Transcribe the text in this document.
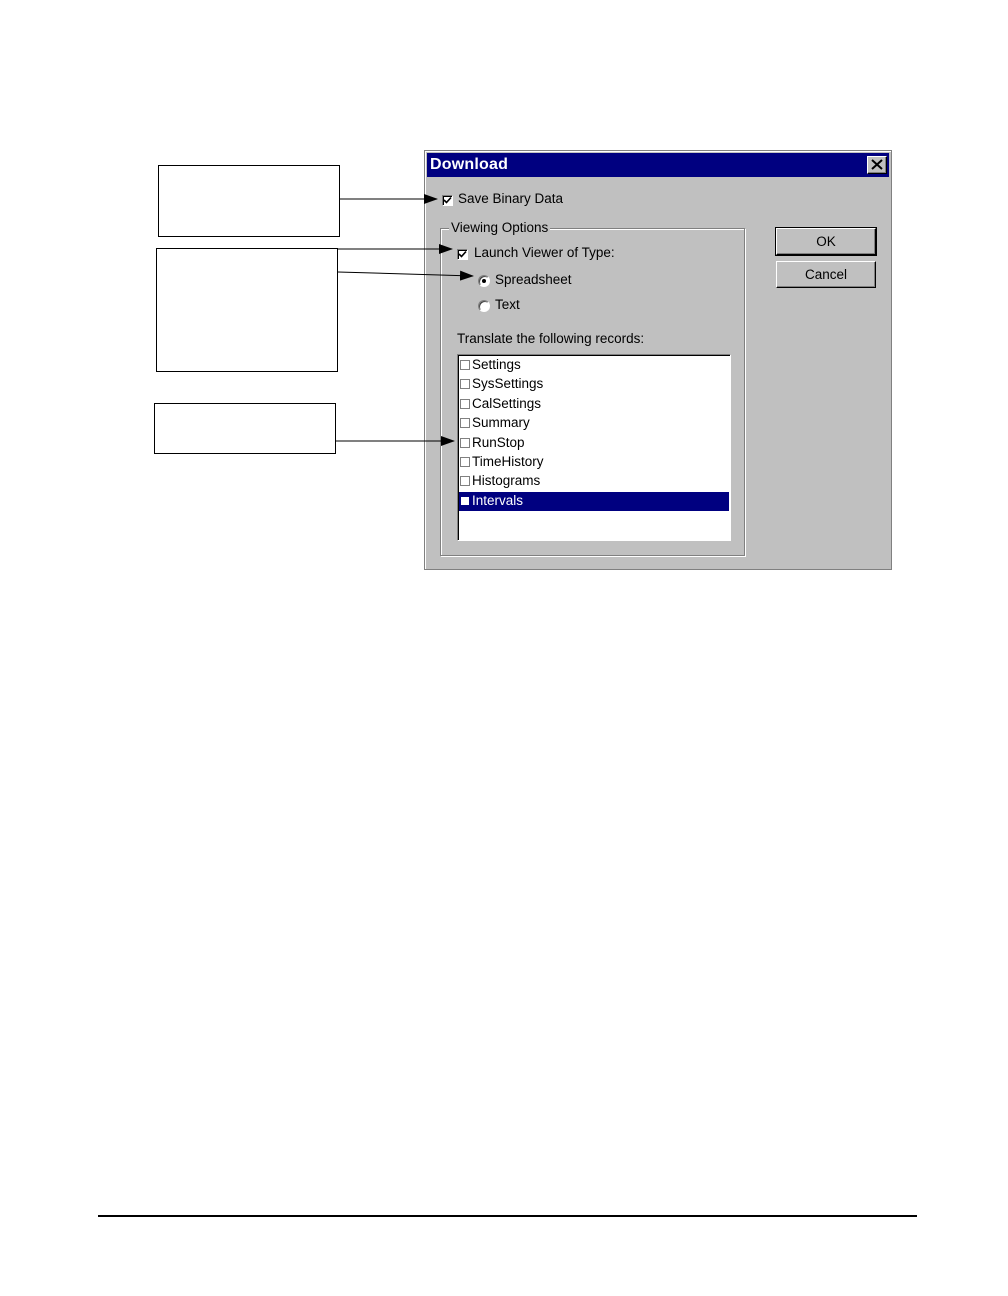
Download
Save Binary Data
Viewing Options
Launch Viewer of Type:
Spreadsheet
Text
Translate the following records:
Settings
SysSettings
CalSettings
Summary
RunStop
TimeHistory
Histograms
Intervals
OK
Cancel
